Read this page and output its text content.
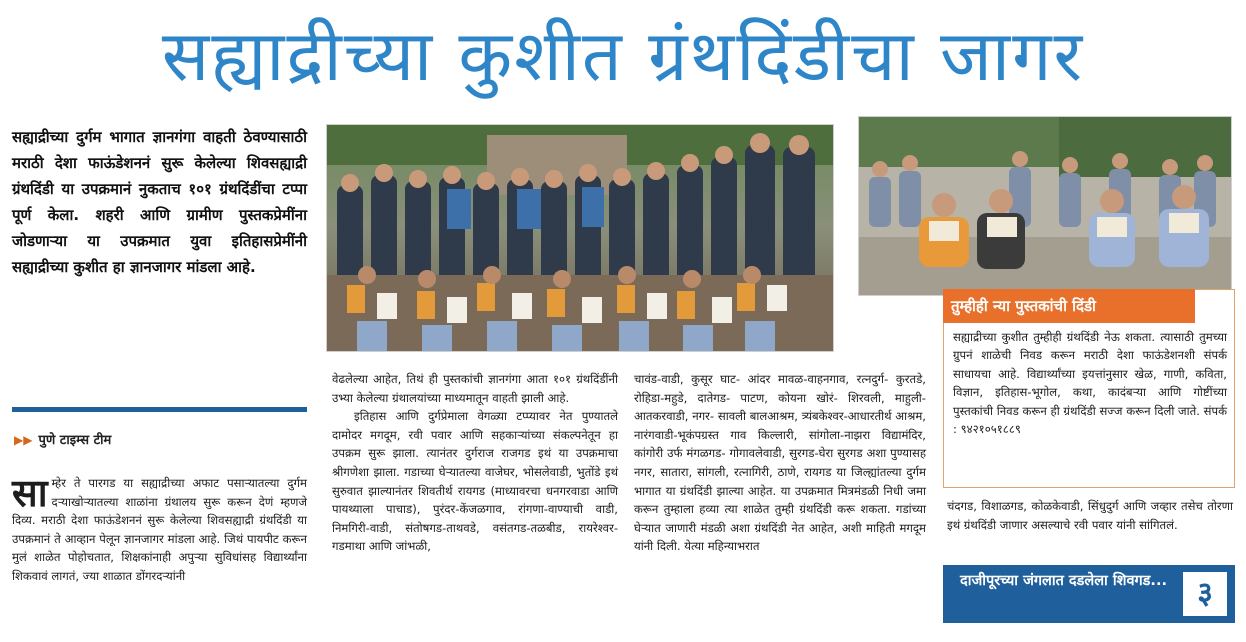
सह्याद्रीच्या कुशीत ग्रंथदिंडीचा जागर
सह्याद्रीच्या दुर्गम भागात ज्ञानगंगा वाहती ठेवण्यासाठी मराठी देशा फाऊंडेशननं सुरू केलेल्या शिवसह्याद्री ग्रंथदिंडी या उपक्रमानं नुकताच १०१ ग्रंथदिंडींचा टप्पा पूर्ण केला. शहरी आणि ग्रामीण पुस्तकप्रेमींना जोडणाऱ्या या उपक्रमात युवा इतिहासप्रेमींनी सह्याद्रीच्या कुशीत हा ज्ञानजागर मांडला आहे.
▶▶ पुणे टाइम्स टीम
साम्हेर ते पारगड या सह्याद्रीच्या अफाट पसाऱ्यातल्या दुर्गम दऱ्याखोऱ्यातल्या शाळांना ग्रंथालय सुरू करून देणं म्हणजे दिव्य. मराठी देशा फाऊंडेशननं सुरू केलेल्या शिवसह्याद्री ग्रंथदिंडी या उपक्रमानं ते आव्हान पेलून ज्ञानजागर मांडला आहे. जिथं पायपीट करून मुलं शाळेत पोहोचतात, शिक्षकांनाही अपुऱ्या सुविधांसह विद्यार्थ्यांना शिकवावं लागतं, ज्या शाळात डोंगरदऱ्यांनी
वेढलेल्या आहेत, तिथं ही पुस्तकांची ज्ञानगंगा आता १०१ ग्रंथदिंडींनी उभ्या केलेल्या ग्रंथालयांच्या माध्यमातून वाहती झाली आहे.
इतिहास आणि दुर्गप्रेमाला वेगळ्या टप्प्यावर नेत पुण्यातले दामोदर मगदूम, रवी पवार आणि सहकाऱ्यांच्या संकल्पनेतून हा उपक्रम सुरू झाला. त्यानंतर दुर्गराज राजगड इथं या उपक्रमाचा श्रीगणेशा झाला. गडाच्या घेऱ्यातल्या वाजेघर, भोसलेवाडी, भुतोंडे इथं सुरुवात झाल्यानंतर शिवतीर्थ रायगड (माध्यावरचा धनगरवाडा आणि पायथ्याला पाचाड), पुरंदर-केंजळगाव, रांगणा-वाण्याची वाडी, निमगिरी-वाडी, संतोषगड-ताथवडे, वसंतगड-तळबीड, रायरेश्वर-गडमाथा आणि जांभळी,
चावंड-वाडी, कुसूर घाट- आंदर मावळ-वाहनगाव, रत्नदुर्ग- कुरतडे, रोहिडा-महुडे, दातेगड- पाटण, कोयना खोरं- शिरवली, माहुली-आतकरवाडी, नगर- सावली बालआश्रम, त्र्यंबकेश्वर-आधारतीर्थ आश्रम, नारंगवाडी-भूकंपग्रस्त गाव किल्लारी, सांगोला-नाझरा विद्यामंदिर, कांगोरी उर्फ मंगळगड- गोगावलेवाडी, सुरगड-घेरा सुरगड अशा पुण्यासह नगर, सातारा, सांगली, रत्नागिरी, ठाणे, रायगड या जिल्ह्यांतल्या दुर्गम भागात या ग्रंथदिंडी झाल्या आहेत. या उपक्रमात मित्रमंडळी निधी जमा करून तुम्हाला हव्या त्या शाळेत तुम्ही ग्रंथदिंडी करू शकता. गडांच्या घेऱ्यात जाणारी मंडळी अशा ग्रंथदिंडी नेत आहेत, अशी माहिती मगदूम यांनी दिली. येत्या महिन्याभरात
तुम्हीही न्या पुस्तकांची दिंडी
सह्याद्रीच्या कुशीत तुम्हीही ग्रंथदिंडी नेऊ शकता. त्यासाठी तुमच्या ग्रुपनं शाळेची निवड करून मराठी देशा फाऊंडेशनशी संपर्क साधायचा आहे. विद्यार्थ्यांच्या इयत्तांनुसार खेळ, गाणी, कविता, विज्ञान, इतिहास-भूगोल, कथा, कादंबऱ्या आणि गोष्टींच्या पुस्तकांची निवड करून ही ग्रंथदिंडी सज्ज करून दिली जाते. संपर्क : ९४२१०५१८८९
चंदगड, विशाळगड, कोळकेवाडी, सिंधुदुर्ग आणि जव्हार तसेच तोरणा इथं ग्रंथदिंडी जाणार असल्याचे रवी पवार यांनी सांगितलं.
दाजीपूरच्या जंगलात दडलेला शिवगड...	३
